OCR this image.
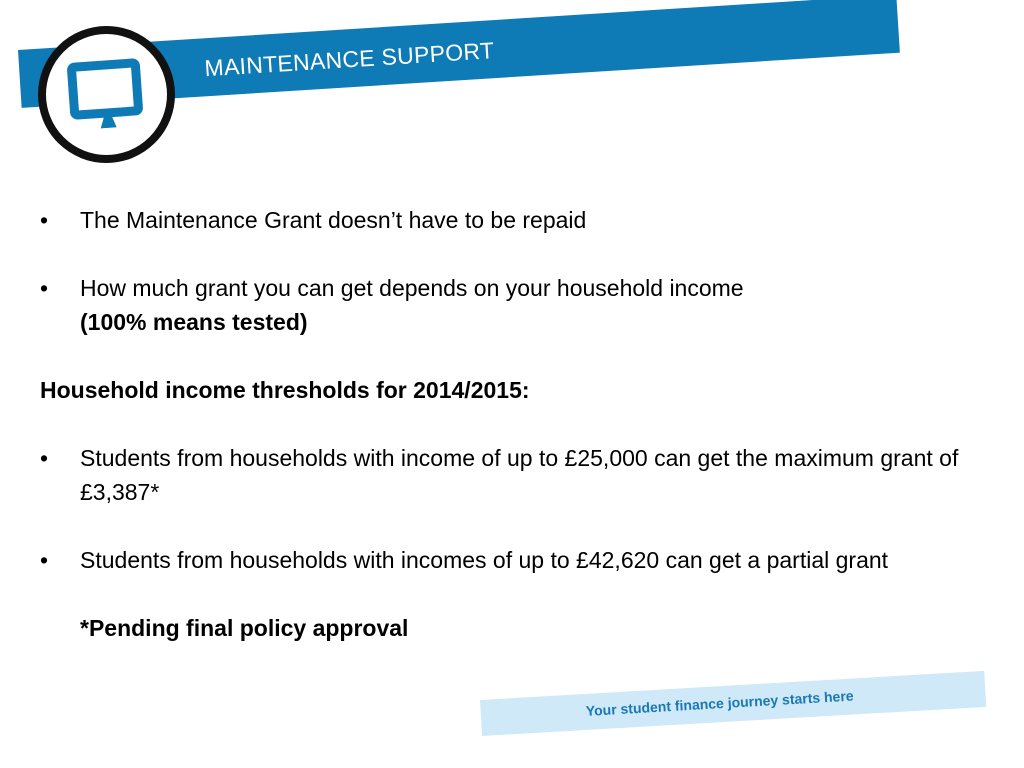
MAINTENANCE SUPPORT
•	The Maintenance Grant doesn’t have to be repaid
•	How much grant you can get depends on your household income
(100% means tested)
Household income thresholds for 2014/2015:
•	Students from households with income of up to £25,000 can get the maximum grant of £3,387*
•	Students from households with incomes of up to £42,620 can get a partial grant
*Pending final policy approval
Your student finance journey starts here
